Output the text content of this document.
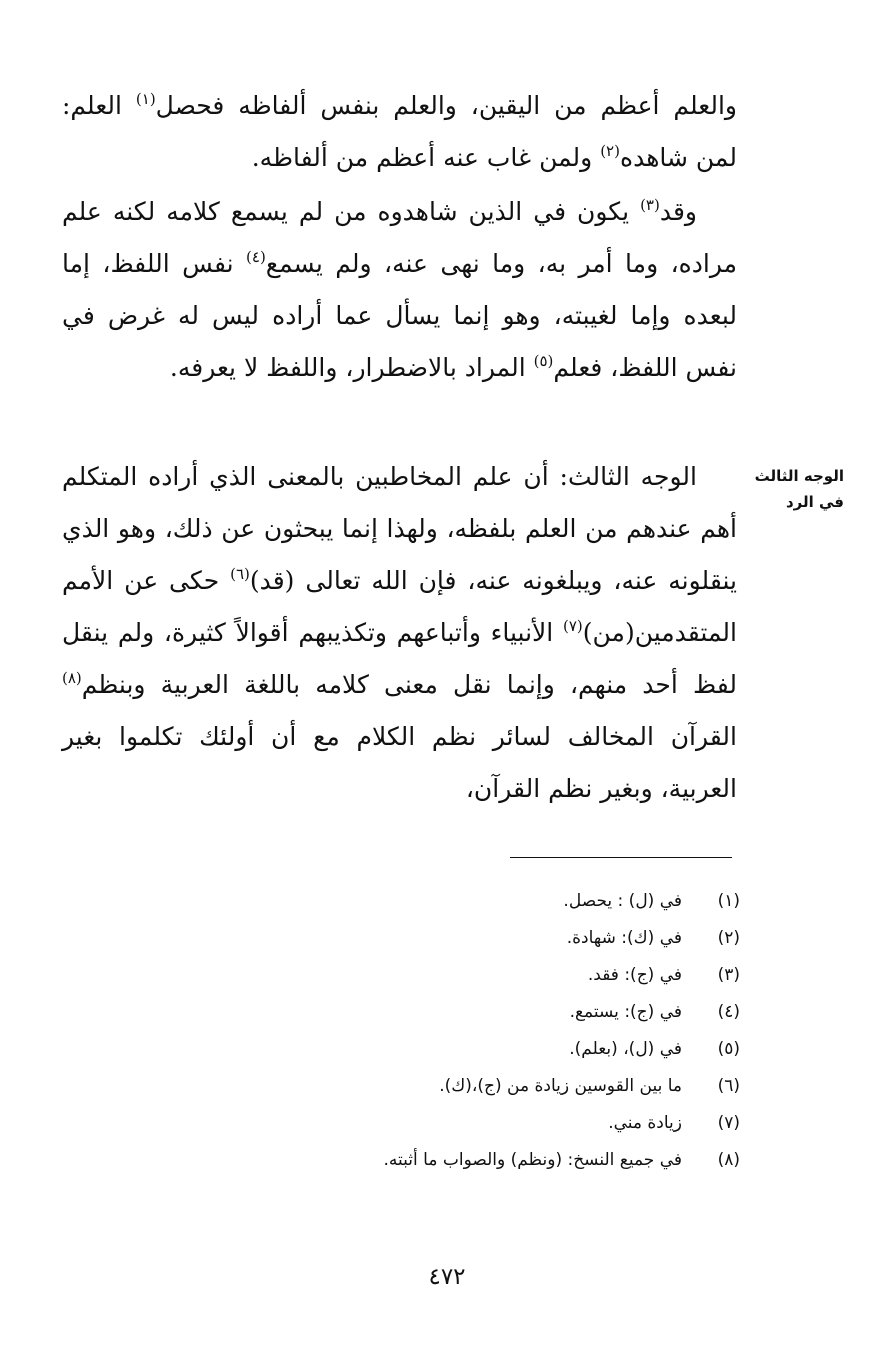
والعلم أعظم من اليقين، والعلم بنفس ألفاظه فحصل$^{(١)}$ العلم: لمن شاهده$^{(٢)}$ ولمن غاب عنه أعظم من ألفاظه.

وقد$^{(٣)}$ يكون في الذين شاهدوه من لم يسمع كلامه لكنه علم مراده، وما أمر به، وما نهى عنه، ولم يسمع$^{(٤)}$ نفس اللفظ، إما لبعده وإما لغيبته، وهو إنما يسأل عما أراده ليس له غرض في نفس اللفظ، فعلم$^{(٥)}$ المراد بالاضطرار، واللفظ لا يعرفه.

الوجه الثالث
في الرد

الوجه الثالث: أن علم المخاطبين بالمعنى الذي أراده المتكلم أهم عندهم من العلم بلفظه، ولهذا إنما يبحثون عن ذلك، وهو الذي ينقلونه عنه، ويبلغونه عنه، فإن الله تعالى (قد)$^{(٦)}$ حكى عن الأمم المتقدمين(من)$^{(٧)}$ الأنبياء وأتباعهم وتكذيبهم أقوالاً كثيرة، ولم ينقل لفظ أحد منهم، وإنما نقل معنى كلامه باللغة العربية وبنظم$^{(٨)}$ القرآن المخالف لسائر نظم الكلام مع أن أولئك تكلموا بغير العربية، وبغير نظم القرآن،

(١)
في (ل) : يحصل.
(٢)
في (ك): شهادة.
(٣)
في (ج): فقد.
(٤)
في (ج): يستمع.
(٥)
في (ل)، (بعلم).
(٦)
ما بين القوسين زيادة من (ج)،(ك).
(٧)
زيادة مني.
(٨)
في جميع النسخ: (ونظم) والصواب ما أثبته.
٤٧٢
